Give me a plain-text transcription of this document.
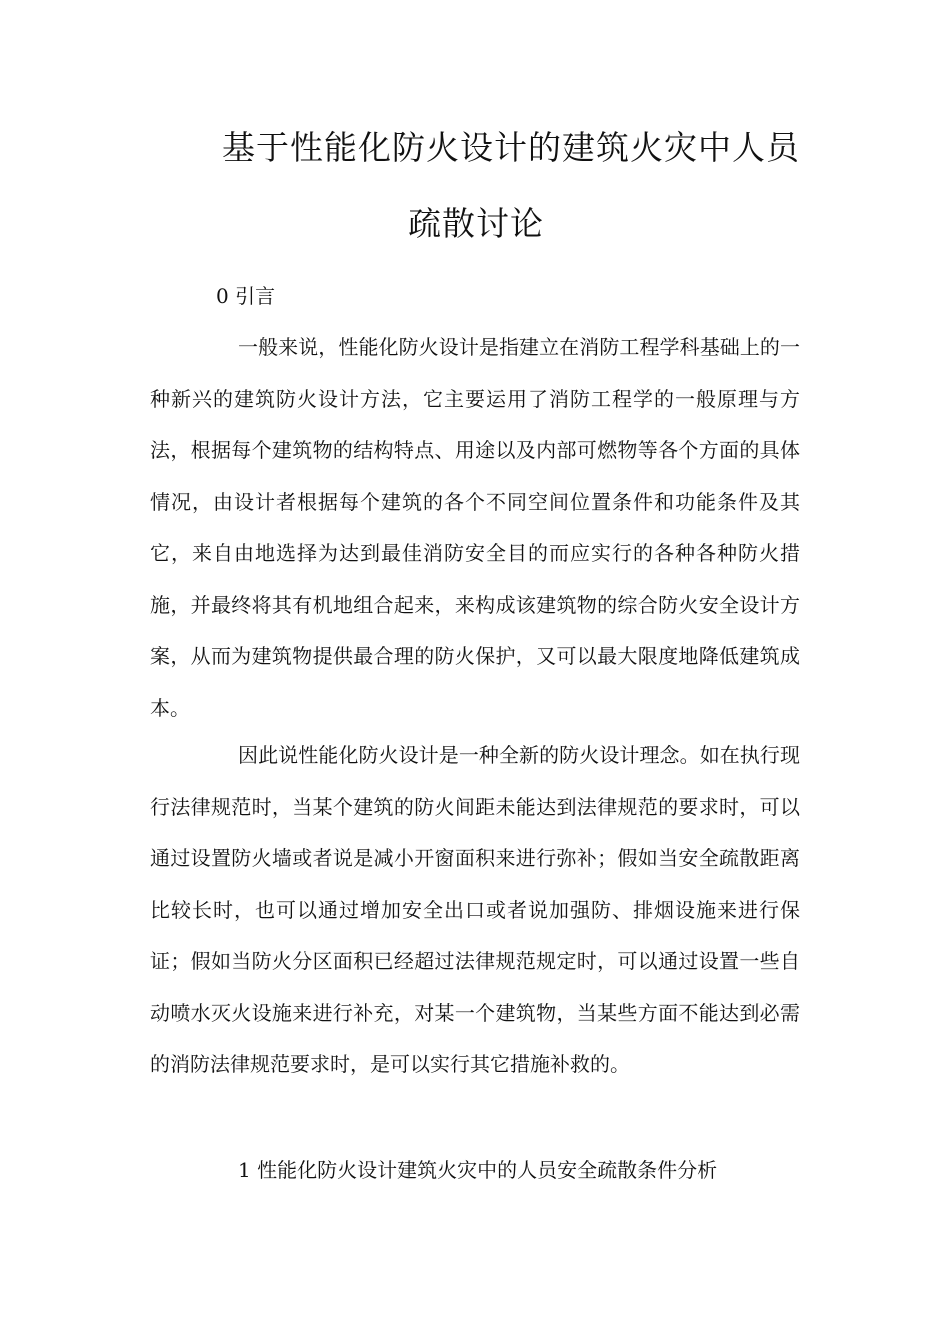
基于性能化防火设计的建筑火灾中人员
疏散讨论
0 引言
一般来说，性能化防火设计是指建立在消防工程学科基础上的一种新兴的建筑防火设计方法，它主要运用了消防工程学的一般原理与方法，根据每个建筑物的结构特点、用途以及内部可燃物等各个方面的具体情况，由设计者根据每个建筑的各个不同空间位置条件和功能条件及其它，来自由地选择为达到最佳消防安全目的而应实行的各种各种防火措施，并最终将其有机地组合起来，来构成该建筑物的综合防火安全设计方案，从而为建筑物提供最合理的防火保护，又可以最大限度地降低建筑成本。
因此说性能化防火设计是一种全新的防火设计理念。如在执行现行法律规范时，当某个建筑的防火间距未能达到法律规范的要求时，可以通过设置防火墙或者说是减小开窗面积来进行弥补；假如当安全疏散距离比较长时，也可以通过增加安全出口或者说加强防、排烟设施来进行保证；假如当防火分区面积已经超过法律规范规定时，可以通过设置一些自动喷水灭火设施来进行补充，对某一个建筑物，当某些方面不能达到必需的消防法律规范要求时，是可以实行其它措施补救的。
1 性能化防火设计建筑火灾中的人员安全疏散条件分析
